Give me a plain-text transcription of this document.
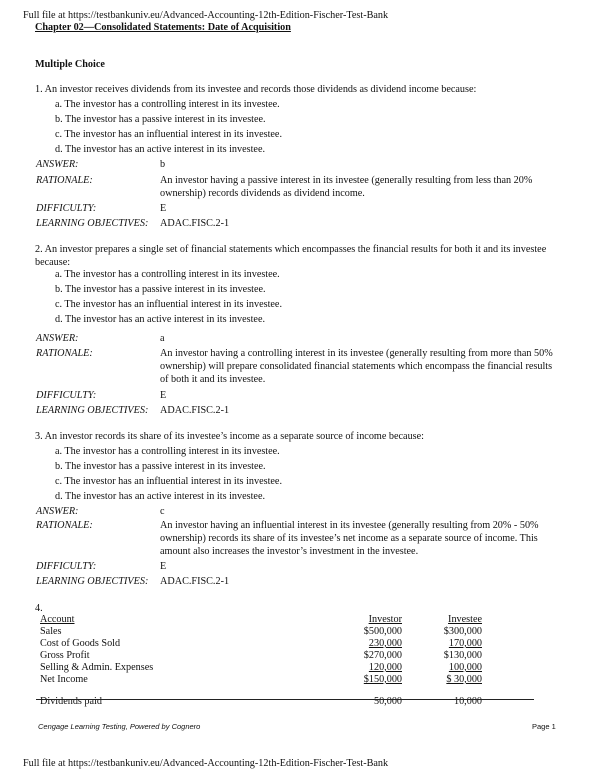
Full file at https://testbankuniv.eu/Advanced-Accounting-12th-Edition-Fischer-Test-Bank
Chapter 02—Consolidated Statements: Date of Acquisition
Multiple Choice
1. An investor receives dividends from its investee and records those dividends as dividend income because:
a. The investor has a controlling interest in its investee.
b. The investor has a passive interest in its investee.
c. The investor has an influential interest in its investee.
d. The investor has an active interest in its investee.
ANSWER:	b
RATIONALE:	An investor having a passive interest in its investee (generally resulting from less than 20% ownership) records dividends as dividend income.
DIFFICULTY:	E
LEARNING OBJECTIVES: ADAC.FISC.2-1
2. An investor prepares a single set of financial statements which encompasses the financial results for both it and its investee because:
a. The investor has a controlling interest in its investee.
b. The investor has a passive interest in its investee.
c. The investor has an influential interest in its investee.
d. The investor has an active interest in its investee.
ANSWER:	a
RATIONALE:	An investor having a controlling interest in its investee (generally resulting from more than 50% ownership) will prepare consolidated financial statements which encompass the financial results of both it and its investee.
DIFFICULTY:	E
LEARNING OBJECTIVES: ADAC.FISC.2-1
3. An investor records its share of its investee’s income as a separate source of income because:
a. The investor has a controlling interest in its investee.
b. The investor has a passive interest in its investee.
c. The investor has an influential interest in its investee.
d. The investor has an active interest in its investee.
ANSWER:	c
RATIONALE:	An investor having an influential interest in its investee (generally resulting from 20% - 50% ownership) records its share of its investee’s net income as a separate source of income. This amount also increases the investor’s investment in the investee.
DIFFICULTY:	E
LEARNING OBJECTIVES: ADAC.FISC.2-1
4.
Account	Investor	Investee
Sales	$500,000	$300,000
Cost of Goods Sold	230,000	170,000
Gross Profit	$270,000	$130,000
Selling & Admin. Expenses	120,000	100,000
Net Income	$150,000	$ 30,000
Dividends paid	50,000	10,000
Cengage Learning Testing, Powered by Cognero	Page 1
Full file at https://testbankuniv.eu/Advanced-Accounting-12th-Edition-Fischer-Test-Bank
